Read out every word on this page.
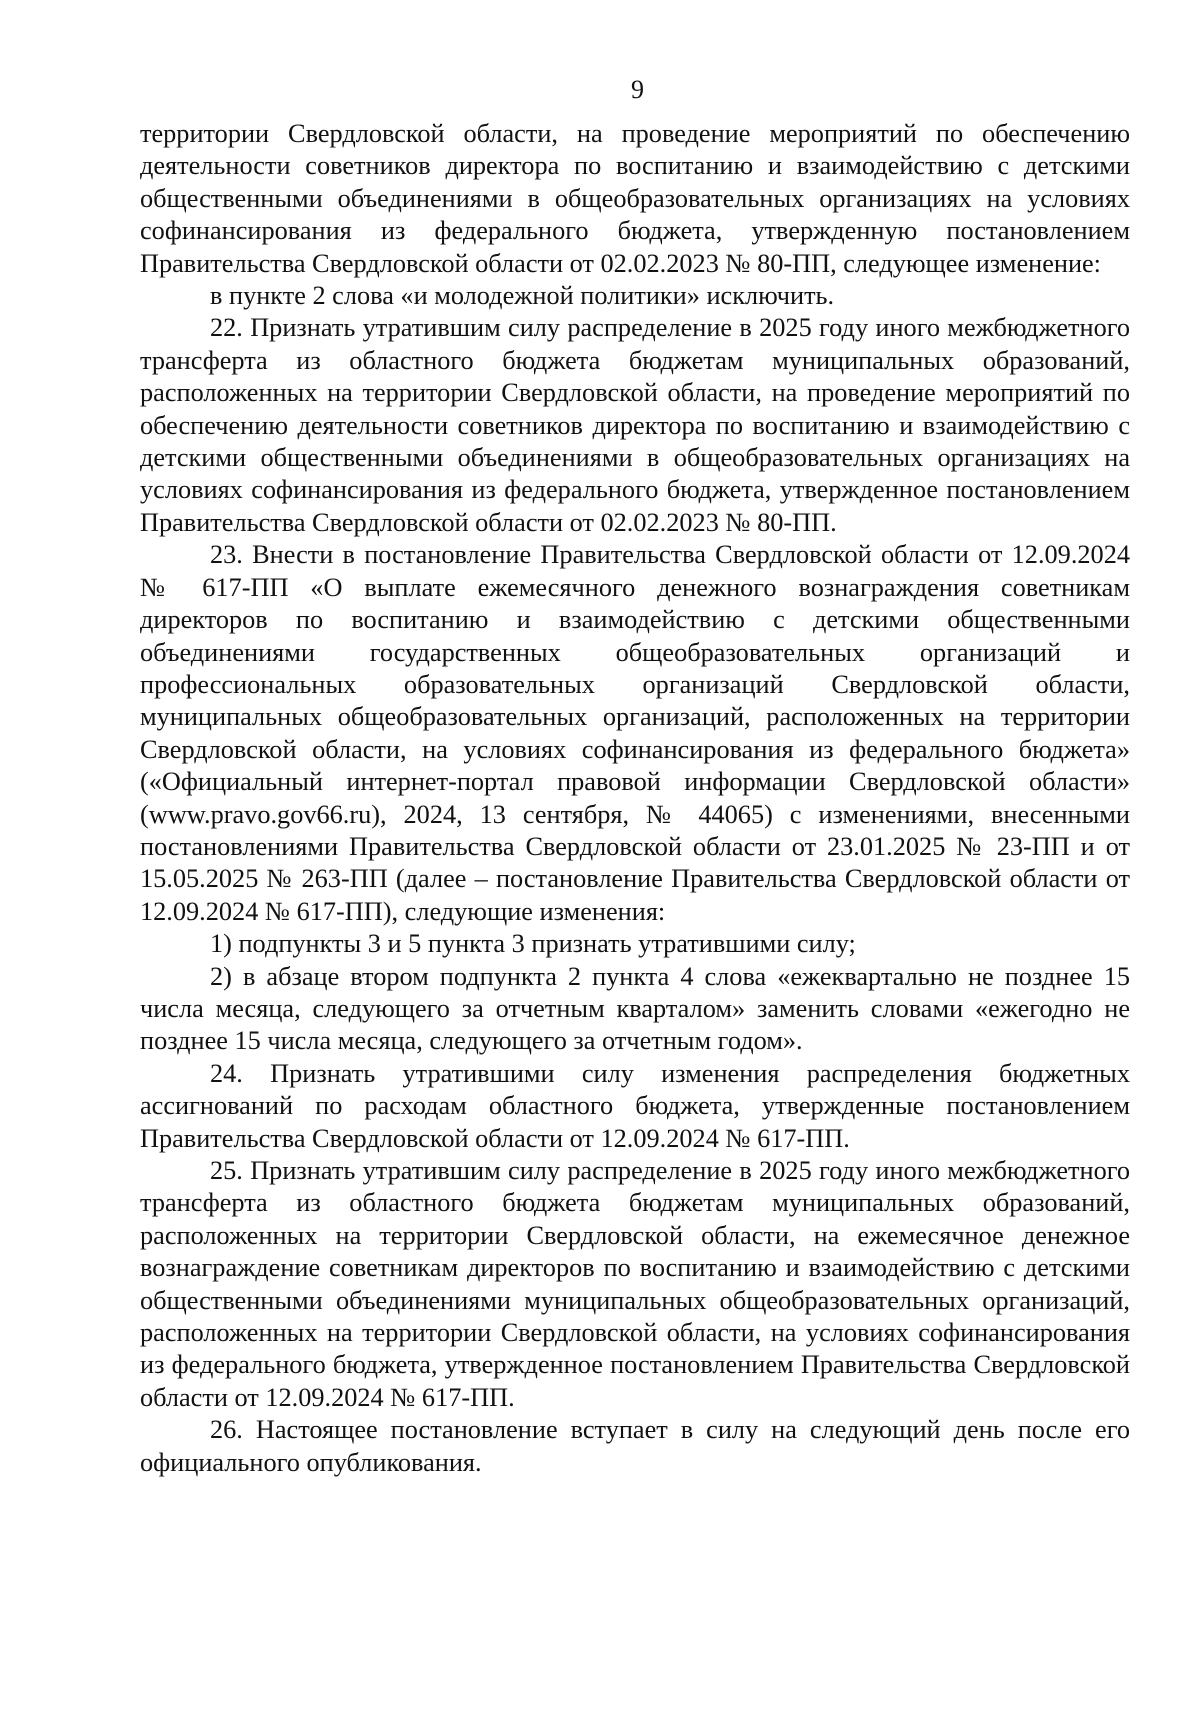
9

территории Свердловской области, на проведение мероприятий по обеспечению деятельности советников директора по воспитанию и взаимодействию с детскими общественными объединениями в общеобразовательных организациях на условиях софинансирования из федерального бюджета, утвержденную постановлением Правительства Свердловской области от 02.02.2023 № 80-ПП, следующее изменение:

в пункте 2 слова «и молодежной политики» исключить.

22. Признать утратившим силу распределение в 2025 году иного межбюджетного трансферта из областного бюджета бюджетам муниципальных образований, расположенных на территории Свердловской области, на проведение мероприятий по обеспечению деятельности советников директора по воспитанию и взаимодействию с детскими общественными объединениями в общеобразовательных организациях на условиях софинансирования из федерального бюджета, утвержденное постановлением Правительства Свердловской области от 02.02.2023 № 80-ПП.

23. Внести в постановление Правительства Свердловской области от 12.09.2024 № 617-ПП «О выплате ежемесячного денежного вознаграждения советникам директоров по воспитанию и взаимодействию с детскими общественными объединениями государственных общеобразовательных организаций и профессиональных образовательных организаций Свердловской области, муниципальных общеобразовательных организаций, расположенных на территории Свердловской области, на условиях софинансирования из федерального бюджета» («Официальный интернет-портал правовой информации Свердловской области» (www.pravo.gov66.ru), 2024, 13 сентября, № 44065) с изменениями, внесенными постановлениями Правительства Свердловской области от 23.01.2025 № 23-ПП и от 15.05.2025 № 263-ПП (далее – постановление Правительства Свердловской области от 12.09.2024 № 617-ПП), следующие изменения:

1) подпункты 3 и 5 пункта 3 признать утратившими силу;

2) в абзаце втором подпункта 2 пункта 4 слова «ежеквартально не позднее 15 числа месяца, следующего за отчетным кварталом» заменить словами «ежегодно не позднее 15 числа месяца, следующего за отчетным годом».

24. Признать утратившими силу изменения распределения бюджетных ассигнований по расходам областного бюджета, утвержденные постановлением Правительства Свердловской области от 12.09.2024 № 617-ПП.

25. Признать утратившим силу распределение в 2025 году иного межбюджетного трансферта из областного бюджета бюджетам муниципальных образований, расположенных на территории Свердловской области, на ежемесячное денежное вознаграждение советникам директоров по воспитанию и взаимодействию с детскими общественными объединениями муниципальных общеобразовательных организаций, расположенных на территории Свердловской области, на условиях софинансирования из федерального бюджета, утвержденное постановлением Правительства Свердловской области от 12.09.2024 № 617-ПП.

26. Настоящее постановление вступает в силу на следующий день после его официального опубликования.
